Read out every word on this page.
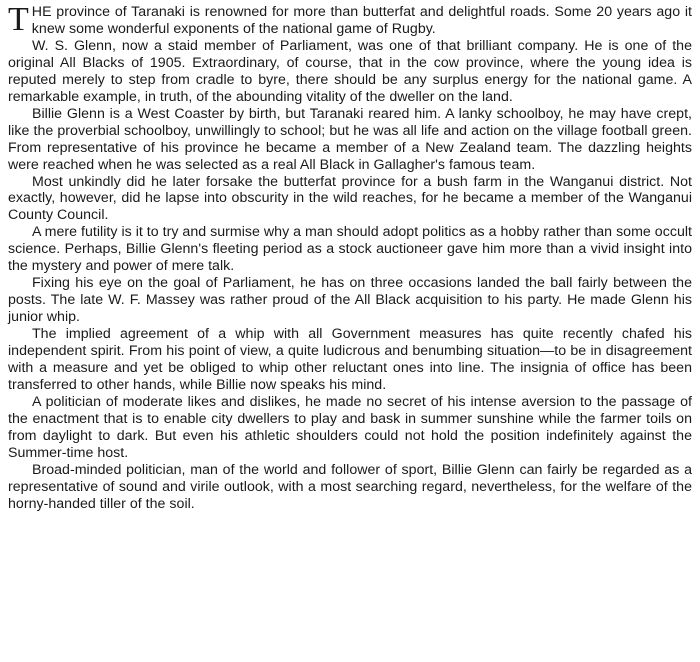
THE province of Taranaki is renowned for more than butterfat and delightful roads. Some 20 years ago it knew some wonderful exponents of the national game of Rugby.

W. S. Glenn, now a staid member of Parliament, was one of that brilliant company. He is one of the original All Blacks of 1905. Extraordinary, of course, that in the cow province, where the young idea is reputed merely to step from cradle to byre, there should be any surplus energy for the national game. A remarkable example, in truth, of the abounding vitality of the dweller on the land.

Billie Glenn is a West Coaster by birth, but Taranaki reared him. A lanky schoolboy, he may have crept, like the proverbial schoolboy, unwillingly to school; but he was all life and action on the village football green. From representative of his province he became a member of a New Zealand team. The dazzling heights were reached when he was selected as a real All Black in Gallagher's famous team.

Most unkindly did he later forsake the butterfat province for a bush farm in the Wanganui district. Not exactly, however, did he lapse into obscurity in the wild reaches, for he became a member of the Wanganui County Council.

A mere futility is it to try and surmise why a man should adopt politics as a hobby rather than some occult science. Perhaps, Billie Glenn's fleeting period as a stock auctioneer gave him more than a vivid insight into the mystery and power of mere talk.

Fixing his eye on the goal of Parliament, he has on three occasions landed the ball fairly between the posts. The late W. F. Massey was rather proud of the All Black acquisition to his party. He made Glenn his junior whip.

The implied agreement of a whip with all Government measures has quite recently chafed his independent spirit. From his point of view, a quite ludicrous and benumbing situation—to be in disagreement with a measure and yet be obliged to whip other reluctant ones into line. The insignia of office has been transferred to other hands, while Billie now speaks his mind.

A politician of moderate likes and dislikes, he made no secret of his intense aversion to the passage of the enactment that is to enable city dwellers to play and bask in summer sunshine while the farmer toils on from daylight to dark. But even his athletic shoulders could not hold the position indefinitely against the Summer-time host.

Broad-minded politician, man of the world and follower of sport, Billie Glenn can fairly be regarded as a representative of sound and virile outlook, with a most searching regard, nevertheless, for the welfare of the horny-handed tiller of the soil.
